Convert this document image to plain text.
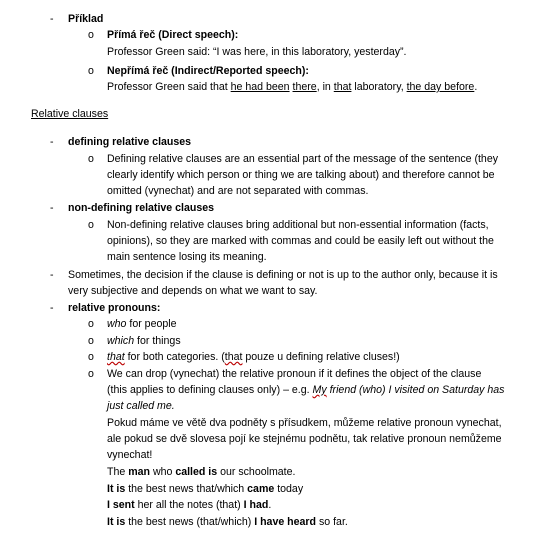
- Příklad
o Přímá řeč (Direct speech):
Professor Green said: “I was here, in this laboratory, yesterday”.
o Nepřímá řeč (Indirect/Reported speech):
Professor Green said that he had been there, in that laboratory, the day before.
Relative clauses
- defining relative clauses
o Defining relative clauses are an essential part of the message of the sentence (they
clearly identify which person or thing we are talking about) and therefore cannot be
omitted (vynechat) and are not separated with commas.
- non-defining relative clauses
o Non-defining relative clauses bring additional but non-essential information (facts,
opinions), so they are marked with commas and could be easily left out without the
main sentence losing its meaning.
- Sometimes, the decision if the clause is defining or not is up to the author only, because it is
very subjective and depends on what we want to say.
- relative pronouns:
o who for people
o which for things
o that for both categories. (that pouze u defining relative cluses!)
o We can drop (vynechat) the relative pronoun if it defines the object of the clause
(this applies to defining clauses only) – e.g. My friend (who) I visited on Saturday has
just called me.
Pokud máme ve větě dva podněty s přísudkem, můžeme relative pronoun vynechat,
ale pokud se dvě slovesa pojí ke stejnému podnětu, tak relative pronoun nemůžeme
vynechat!
The man who called is our schoolmate.
It is the best news that/which came today
I sent her all the notes (that) I had.
It is the best news (that/which) I have heard so far.
